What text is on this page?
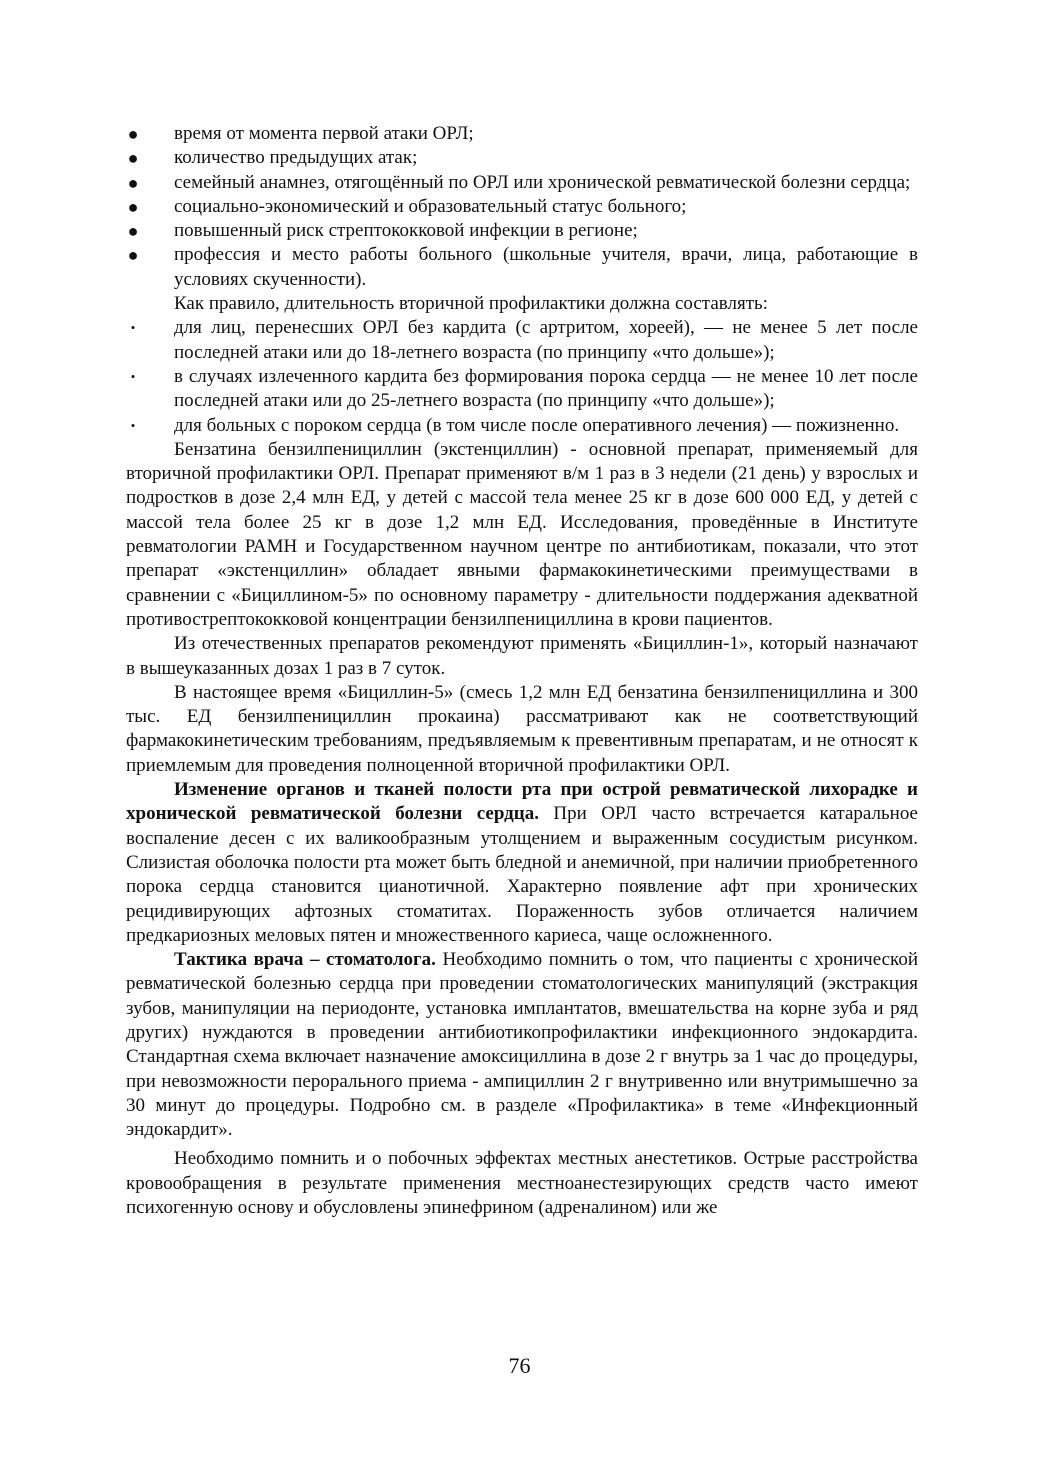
● время от момента первой атаки ОРЛ;
● количество предыдущих атак;
● семейный анамнез, отягощённый по ОРЛ или хронической ревматической болезни сердца;
● социально-экономический и образовательный статус больного;
● повышенный риск стрептококковой инфекции в регионе;
● профессия и место работы больного (школьные учителя, врачи, лица, работающие в условиях скученности).
Как правило, длительность вторичной профилактики должна составлять:
• для лиц, перенесших ОРЛ без кардита (с артритом, хореей), — не менее 5 лет после последней атаки или до 18-летнего возраста (по принципу «что дольше»);
• в случаях излеченного кардита без формирования порока сердца — не менее 10 лет после последней атаки или до 25-летнего возраста (по принципу «что дольше»);
• для больных с пороком сердца (в том числе после оперативного лечения) — пожизненно.

Бензатина бензилпенициллин (экстенциллин) - основной препарат, применяемый для вторичной профилактики ОРЛ. Препарат применяют в/м 1 раз в 3 недели (21 день) у взрослых и подростков в дозе 2,4 млн ЕД, у детей с массой тела менее 25 кг в дозе 600 000 ЕД, у детей с массой тела более 25 кг в дозе 1,2 млн ЕД. Исследования, проведённые в Институте ревматологии РАМН и Государственном научном центре по антибиотикам, показали, что этот препарат «экстенциллин» обладает явными фармакокинетическими преимуществами в сравнении с «Бициллином-5» по основному параметру - длительности поддержания адекватной противострептококковой концентрации бензилпенициллина в крови пациентов.

Из отечественных препаратов рекомендуют применять «Бициллин-1», который назначают в вышеуказанных дозах 1 раз в 7 суток.

В настоящее время «Бициллин-5» (смесь 1,2 млн ЕД бензатина бензилпенициллина и 300 тыс. ЕД бензилпенициллин прокаина) рассматривают как не соответствующий фармакокинетическим требованиям, предъявляемым к превентивным препаратам, и не относят к приемлемым для проведения полноценной вторичной профилактики ОРЛ.

Изменение органов и тканей полости рта при острой ревматической лихорадке и хронической ревматической болезни сердца. При ОРЛ часто встречается катаральное воспаление десен с их валикообразным утолщением и выраженным сосудистым рисунком. Слизистая оболочка полости рта может быть бледной и анемичной, при наличии приобретенного порока сердца становится цианотичной. Характерно появление афт при хронических рецидивирующих афтозных стоматитах. Пораженность зубов отличается наличием предкариозных меловых пятен и множественного кариеса, чаще осложненного.

Тактика врача – стоматолога. Необходимо помнить о том, что пациенты с хронической ревматической болезнью сердца при проведении стоматологических манипуляций (экстракция зубов, манипуляции на периодонте, установка имплантатов, вмешательства на корне зуба и ряд других) нуждаются в проведении антибиотикопрофилактики инфекционного эндокардита. Стандартная схема включает назначение амоксициллина в дозе 2 г внутрь за 1 час до процедуры, при невозможности перорального приема - ампициллин 2 г внутривенно или внутримышечно за 30 минут до процедуры. Подробно см. в разделе «Профилактика» в теме «Инфекционный эндокардит».

Необходимо помнить и о побочных эффектах местных анестетиков. Острые расстройства кровообращения в результате применения местноанестезирующих средств часто имеют психогенную основу и обусловлены эпинефрином (адреналином) или же

76
